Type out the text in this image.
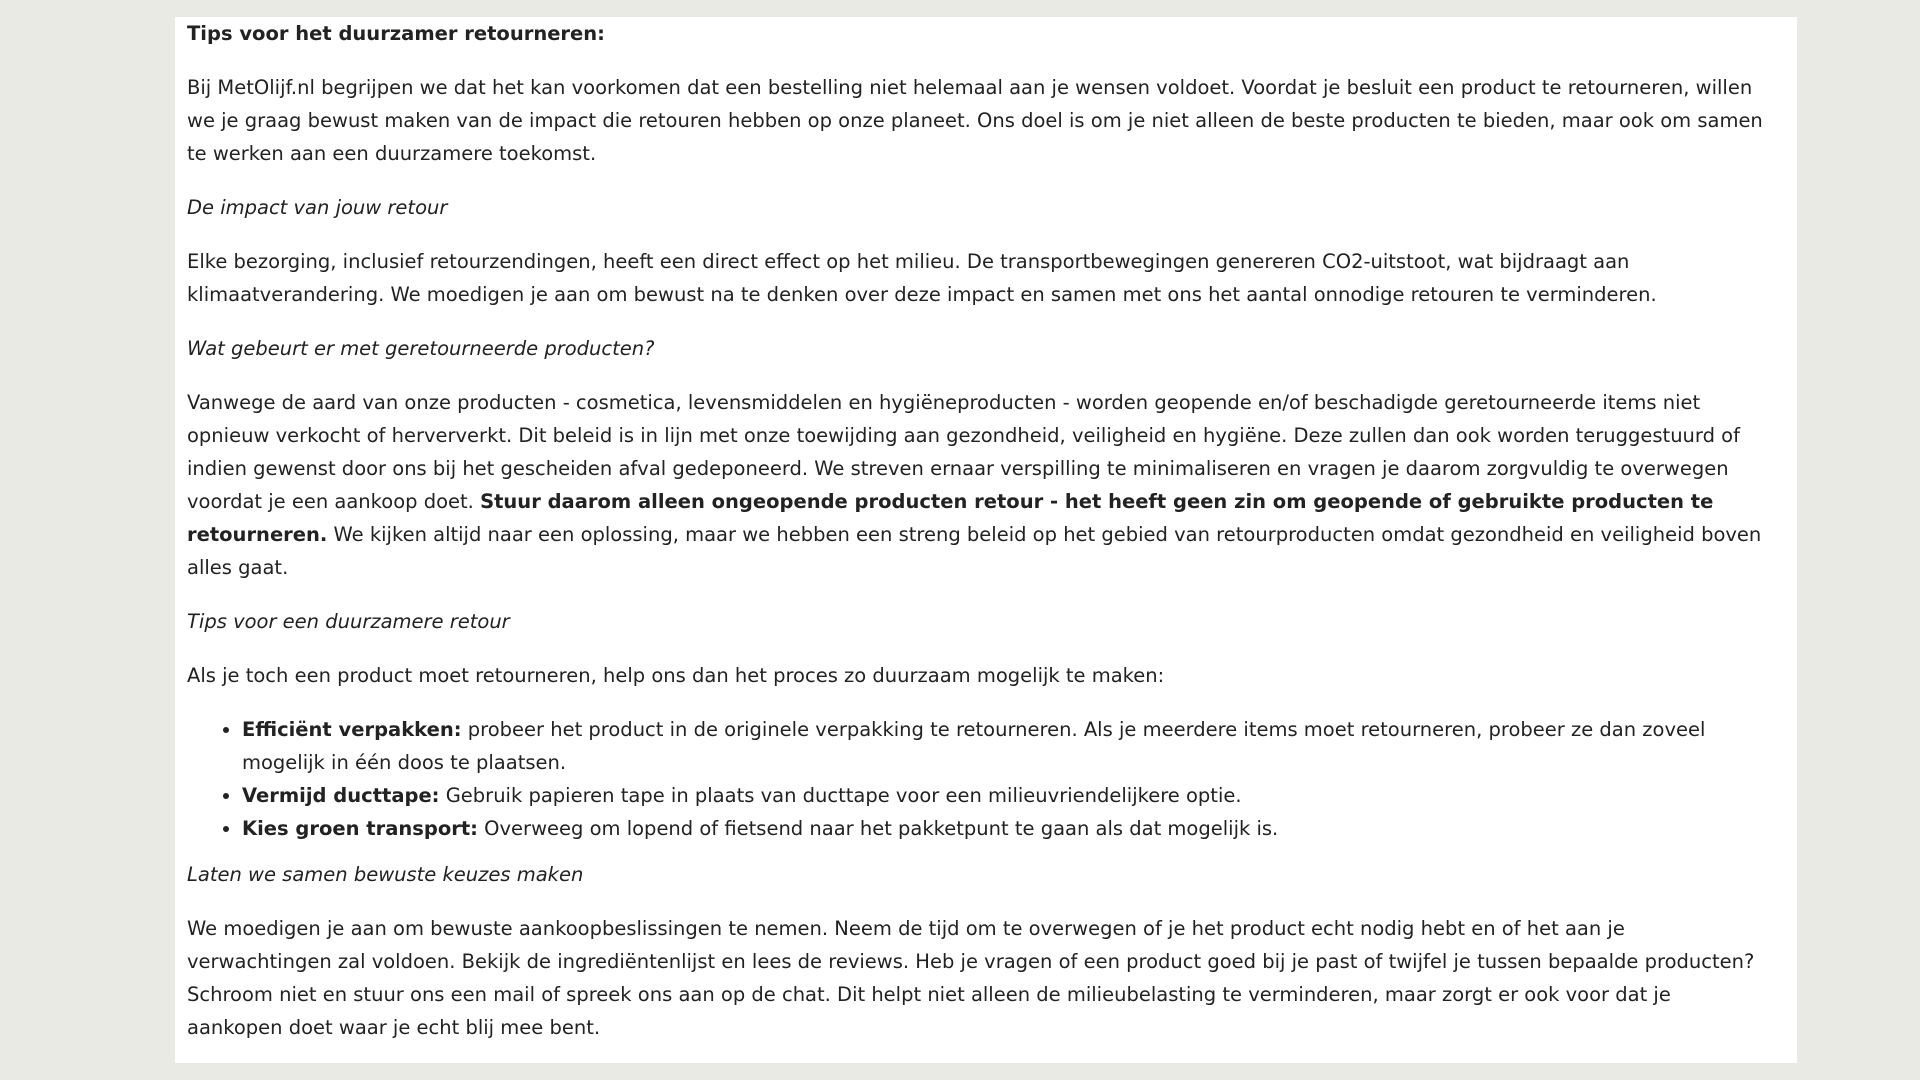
Tips voor het duurzamer retourneren:

Bij MetOlijf.nl begrijpen we dat het kan voorkomen dat een bestelling niet helemaal aan je wensen voldoet. Voordat je besluit een product te retourneren, willen we je graag bewust maken van de impact die retouren hebben op onze planeet. Ons doel is om je niet alleen de beste producten te bieden, maar ook om samen te werken aan een duurzamere toekomst.

De impact van jouw retour

Elke bezorging, inclusief retourzendingen, heeft een direct effect op het milieu. De transportbewegingen genereren CO2-uitstoot, wat bijdraagt aan klimaatverandering. We moedigen je aan om bewust na te denken over deze impact en samen met ons het aantal onnodige retouren te verminderen.

Wat gebeurt er met geretourneerde producten?

Vanwege de aard van onze producten - cosmetica, levensmiddelen en hygiëneproducten - worden geopende en/of beschadigde geretourneerde items niet opnieuw verkocht of herververkt. Dit beleid is in lijn met onze toewijding aan gezondheid, veiligheid en hygiëne. Deze zullen dan ook worden teruggestuurd of indien gewenst door ons bij het gescheiden afval gedeponeerd. We streven ernaar verspilling te minimaliseren en vragen je daarom zorgvuldig te overwegen voordat je een aankoop doet. Stuur daarom alleen ongeopende producten retour - het heeft geen zin om geopende of gebruikte producten te retourneren. We kijken altijd naar een oplossing, maar we hebben een streng beleid op het gebied van retourproducten omdat gezondheid en veiligheid boven alles gaat.

Tips voor een duurzamere retour

Als je toch een product moet retourneren, help ons dan het proces zo duurzaam mogelijk te maken:

• Efficiënt verpakken: probeer het product in de originele verpakking te retourneren. Als je meerdere items moet retourneren, probeer ze dan zoveel mogelijk in één doos te plaatsen.
• Vermijd ducttape: Gebruik papieren tape in plaats van ducttape voor een milieuvriendelijkere optie.
• Kies groen transport: Overweeg om lopend of fietsend naar het pakketpunt te gaan als dat mogelijk is.

Laten we samen bewuste keuzes maken

We moedigen je aan om bewuste aankoopbeslissingen te nemen. Neem de tijd om te overwegen of je het product echt nodig hebt en of het aan je verwachtingen zal voldoen. Bekijk de ingrediëntenlijst en lees de reviews. Heb je vragen of een product goed bij je past of twijfel je tussen bepaalde producten? Schroom niet en stuur ons een mail of spreek ons aan op de chat. Dit helpt niet alleen de milieubelasting te verminderen, maar zorgt er ook voor dat je aankopen doet waar je echt blij mee bent.
